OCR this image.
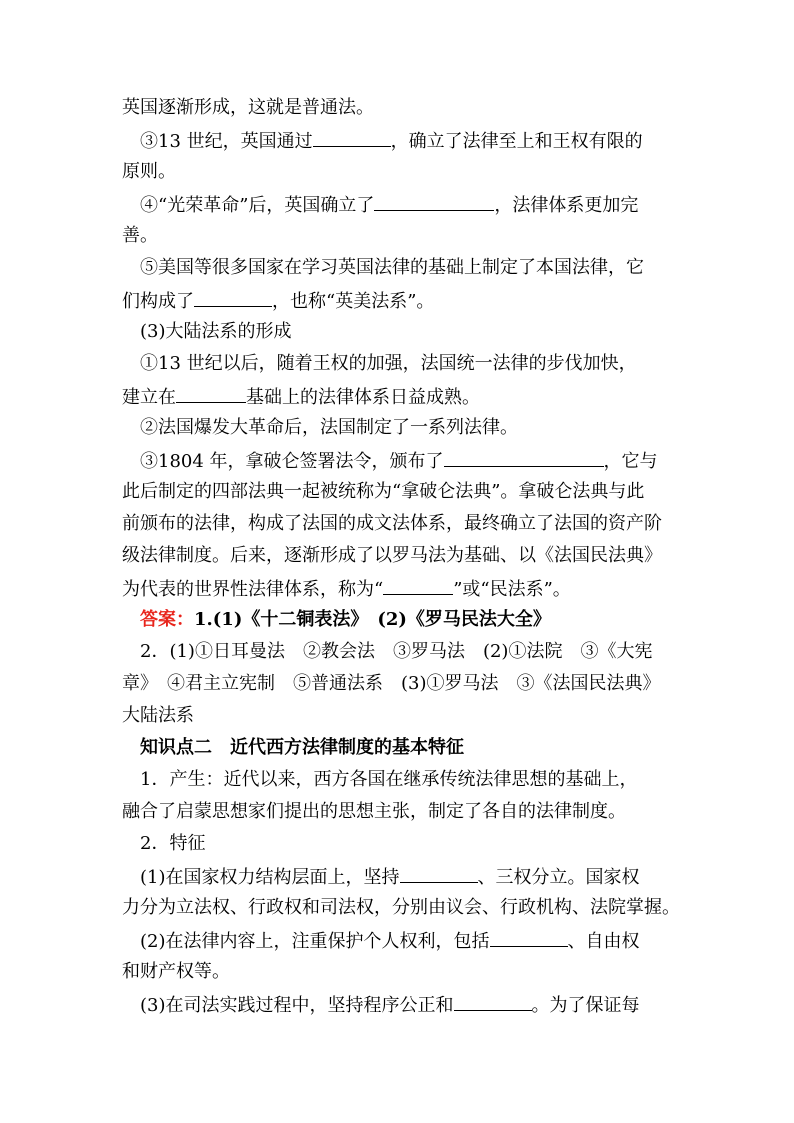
英国逐渐形成，这就是普通法。
③13 世纪，英国通过	，确立了法律至上和王权有限的
原则。
④“光荣革命”后，英国确立了	，法律体系更加完
善。
⑤美国等很多国家在学习英国法律的基础上制定了本国法律，它
们构成了	，也称“英美法系”。
(3)大陆法系的形成
①13 世纪以后，随着王权的加强，法国统一法律的步伐加快，
建立在	基础上的法律体系日益成熟。
②法国爆发大革命后，法国制定了一系列法律。
③1804 年，拿破仑签署法令，颁布了	，它与
此后制定的四部法典一起被统称为“拿破仑法典”。拿破仑法典与此
前颁布的法律，构成了法国的成文法体系，最终确立了法国的资产阶
级法律制度。后来，逐渐形成了以罗马法为基础、以《法国民法典》
为代表的世界性法律体系，称为“	”或“民法系”。
答案：1.(1)《十二铜表法》　(2)《罗马民法大全》
2．(1)①日耳曼法　②教会法　③罗马法　(2)①法院　③《大宪
章》　④君主立宪制　⑤普通法系　(3)①罗马法　③《法国民法典》
大陆法系
知识点二　近代西方法律制度的基本特征
1．产生：近代以来，西方各国在继承传统法律思想的基础上，
融合了启蒙思想家们提出的思想主张，制定了各自的法律制度。
2．特征
(1)在国家权力结构层面上，坚持	、三权分立。国家权
力分为立法权、行政权和司法权，分别由议会、行政机构、法院掌握。
(2)在法律内容上，注重保护个人权利，包括	、自由权
和财产权等。
(3)在司法实践过程中，坚持程序公正和	。为了保证每
